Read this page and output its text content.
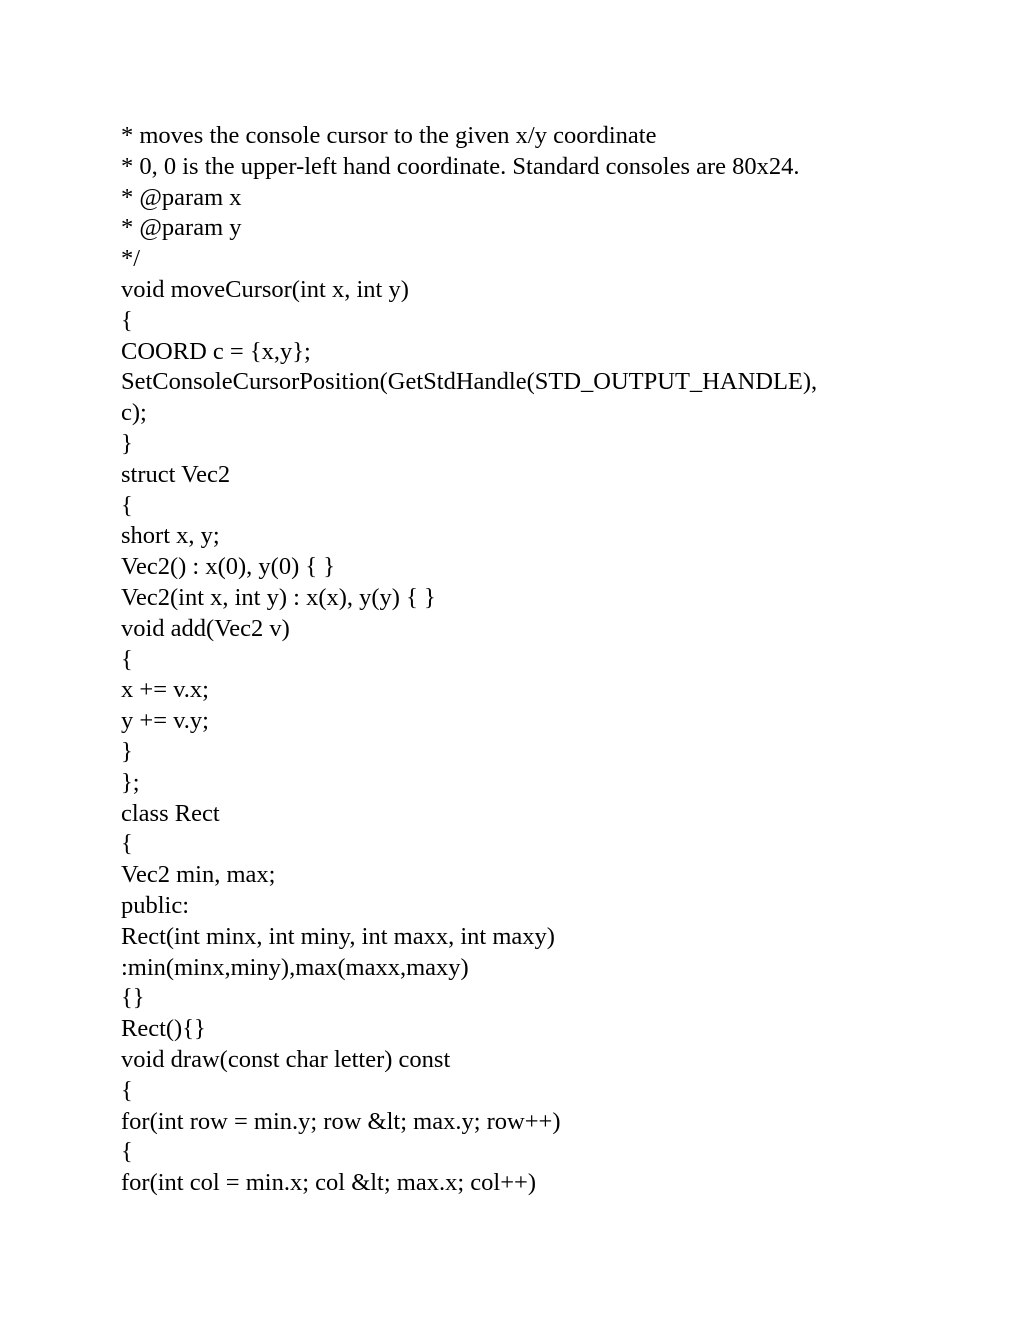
* moves the console cursor to the given x/y coordinate
* 0, 0 is the upper-left hand coordinate. Standard consoles are 80x24.
* @param x
* @param y
*/
void moveCursor(int x, int y)
{
COORD c = {x,y};
SetConsoleCursorPosition(GetStdHandle(STD_OUTPUT_HANDLE),
c);
}
struct Vec2
{
short x, y;
Vec2() : x(0), y(0) { }
Vec2(int x, int y) : x(x), y(y) { }
void add(Vec2 v)
{
x += v.x;
y += v.y;
}
};
class Rect
{
Vec2 min, max;
public:
Rect(int minx, int miny, int maxx, int maxy)
:min(minx,miny),max(maxx,maxy)
{}
Rect(){}
void draw(const char letter) const
{
for(int row = min.y; row &lt; max.y; row++)
{
for(int col = min.x; col &lt; max.x; col++)
